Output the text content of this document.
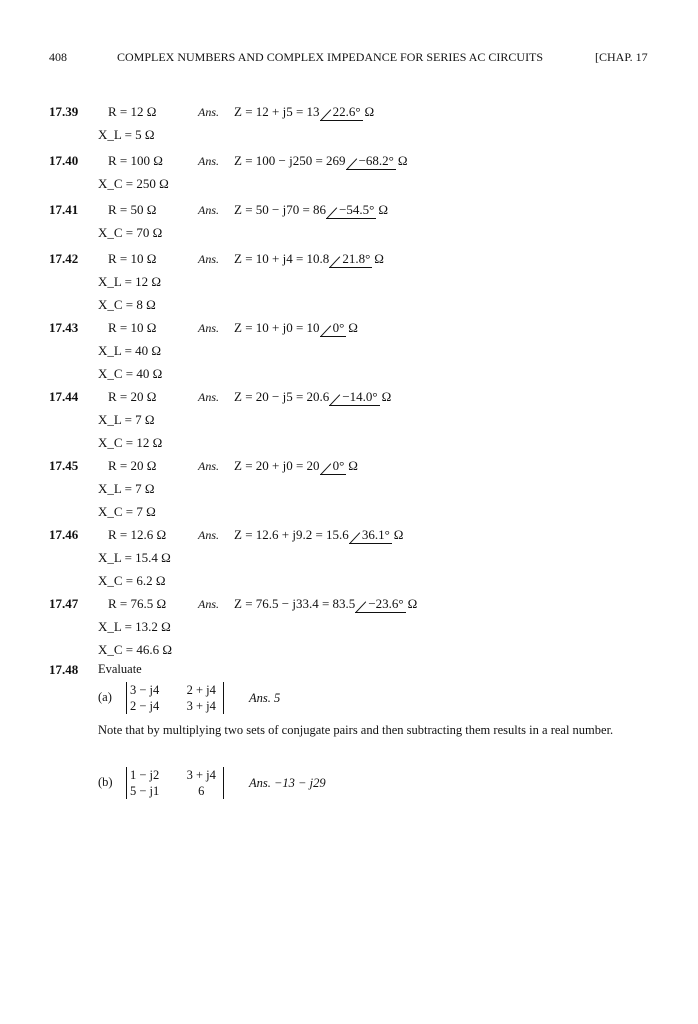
408	COMPLEX NUMBERS AND COMPLEX IMPEDANCE FOR SERIES AC CIRCUITS	[CHAP. 17
17.39 R = 12 Ω
X_L = 5 Ω
Ans. Z = 12 + j5 = 13 22.6° Ω
17.40 R = 100 Ω
X_C = 250 Ω
Ans. Z = 100 − j250 = 269 −68.2° Ω
17.41 R = 50 Ω
X_C = 70 Ω
Ans. Z = 50 − j70 = 86 −54.5° Ω
17.42 R = 10 Ω
X_L = 12 Ω
X_C = 8 Ω
Ans. Z = 10 + j4 = 10.8 21.8° Ω
17.43 R = 10 Ω
X_L = 40 Ω
X_C = 40 Ω
Ans. Z = 10 + j0 = 10 0° Ω
17.44 R = 20 Ω
X_L = 7 Ω
X_C = 12 Ω
Ans. Z = 20 − j5 = 20.6 −14.0° Ω
17.45 R = 20 Ω
X_L = 7 Ω
X_C = 7 Ω
Ans. Z = 20 + j0 = 20 0° Ω
17.46 R = 12.6 Ω
X_L = 15.4 Ω
X_C = 6.2 Ω
Ans. Z = 12.6 + j9.2 = 15.6 36.1° Ω
17.47 R = 76.5 Ω
X_L = 13.2 Ω
X_C = 46.6 Ω
Ans. Z = 76.5 − j33.4 = 83.5 −23.6° Ω
17.48 Evaluate
(a) 3 − j4	2 + j4
2 − j4	3 + j4
Ans. 5
Note that by multiplying two sets of conjugate pairs and then subtracting them results in a real number.
(b) 1 − j2	3 + j4
5 − j1	6
Ans. −13 − j29
